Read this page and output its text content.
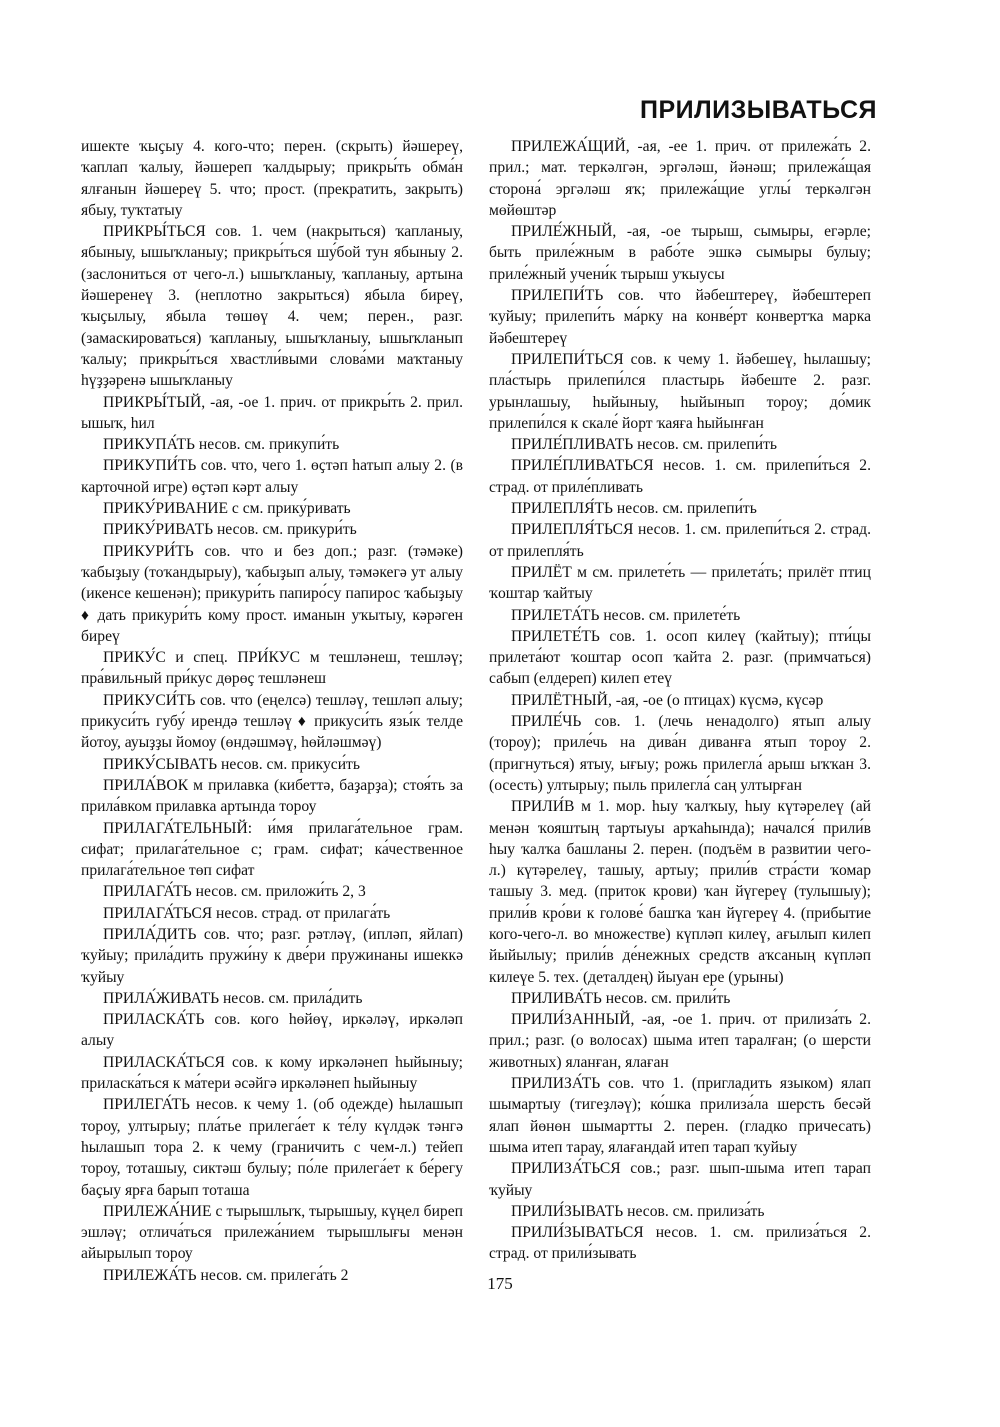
ПРИЛИЗЫВАТЬСЯ

ишекте ҡыҫыу 4. кого-что; перен. (скрыть) йәшереү, ҡаплап ҡалыу, йәшереп ҡалдырыу; прикры́ть обма́н ялғанын йәшереү 5. что; прост. (прекратить, закрыть) ябыу, туҡтатыу

ПРИКРЫ́ТЬСЯ сов. 1. чем (накрыться) ҡапланыу, ябыныу, ышыҡланыу; прикры́ться шу́бой тун ябыныу 2. (заслониться от чего-л.) ышыҡланыу, ҡапланыу, артына йәшеренеү 3. (неплотно закрыться) ябыла биреү, ҡыҫылыу, ябыла төшөү 4. чем; перен., разг. (замаскироваться) ҡапланыу, ышыҡланыу, ышыҡланып ҡалыу; прикры́ться хвастли́выми слова́ми маҡтаныу һүҙҙәренә ышыҡланыу

ПРИКРЫ́ТЫЙ, -ая, -ое 1. прич. от прикры́ть 2. прил. ышыҡ, һил

ПРИКУПА́ТЬ несов. см. прикупи́ть

ПРИКУПИ́ТЬ сов. что, чего 1. өҫтәп һатып алыу 2. (в карточной игре) өҫтәп кәрт алыу

ПРИКУ́РИВАНИЕ с см. прику́ривать

ПРИКУ́РИВАТЬ несов. см. прикури́ть

ПРИКУРИ́ТЬ сов. что и без доп.; разг. (тәмәке) ҡабыҙыу (тоҡандырыу), ҡабыҙып алыу, тәмәкегә ут алыу (икенсе кешенән); прикури́ть папиро́су папирос ҡабыҙыу ♦ дать прикури́ть кому прост. иманын уҡытыу, кәрәген биреү

ПРИКУ́С и спец. ПРИ́КУС м тешләнеш, тешләү; пра́вильный при́кус дөрөҫ тешләнеш

ПРИКУСИ́ТЬ сов. что (еңелсә) тешләү, тешләп алыу; прикуси́ть губу́ ирендә тешләү ♦ прикуси́ть язы́к телде йотоу, ауыҙҙы йомоу (өндәшмәү, һөйләшмәү)

ПРИКУ́СЫВАТЬ несов. см. прикуси́ть

ПРИЛА́ВОК м прилавка (кибеттә, баҙарҙа); стоя́ть за прила́вком прилавка артында тороу

ПРИЛАГА́ТЕЛЬНЫЙ: и́мя прилага́тельное грам. сифат; прилага́тельное с; грам. сифат; ка́чественное прилага́тельное төп сифат

ПРИЛАГА́ТЬ несов. см. приложи́ть 2, 3

ПРИЛАГА́ТЬСЯ несов. страд. от прилага́ть

ПРИЛА́ДИТЬ сов. что; разг. рәтләү, (ипләп, яйлап) ҡуйыу; прила́дить пружи́ну к две́ри пружинаны ишеккә ҡуйыу

ПРИЛА́ЖИВАТЬ несов. см. прила́дить

ПРИЛАСКА́ТЬ сов. кого һөйөү, иркәләү, иркәләп алыу

ПРИЛАСКА́ТЬСЯ сов. к кому иркәләнеп һыйыныу; приласка́ться к ма́тери әсәйгә иркәләнеп һыйыныу

ПРИЛЕГА́ТЬ несов. к чему 1. (об одежде) һылашып тороу, ултырыу; пла́тье прилега́ет к те́лу күлдәк тәнгә һылашып тора 2. к чему (граничить с чем-л.) тейеп тороу, тоташыу, сиктәш булыу; по́ле прилега́ет к бе́регу баҫыу ярға барып тоташа

ПРИЛЕЖА́НИЕ с тырышлыҡ, тырышыу, күңел биреп эшләү; отлича́ться прилежа́нием тырышлығы менән айырылып тороу

ПРИЛЕЖА́ТЬ несов. см. прилега́ть 2

ПРИЛЕЖА́ЩИЙ, -ая, -ее 1. прич. от прилежа́ть 2. прил.; мат. теркәлгән, эргәләш, йәнәш; прилежа́щая сторона́ эргәләш яҡ; прилежа́щие углы́ теркәлгән мөйөштәр

ПРИЛЕ́ЖНЫЙ, -ая, -ое тырыш, сымыры, егәрле; быть приле́жным в рабо́те эшкә сымыры булыу; приле́жный учени́к тырыш уҡыусы

ПРИЛЕПИ́ТЬ сов. что йәбештереү, йәбештереп ҡуйыу; прилепи́ть ма́рку на конве́рт конвертҡа марка йәбештереү

ПРИЛЕПИ́ТЬСЯ сов. к чему 1. йәбешеү, һылашыу; пла́стырь прилепи́лся пластырь йәбеште 2. разг. урынлашыу, һыйыныу, һыйынып тороу; до́мик прилепи́лся к скале́ йорт ҡаяға һыйынған

ПРИЛЕ́ПЛИВАТЬ несов. см. прилепи́ть

ПРИЛЕ́ПЛИВАТЬСЯ несов. 1. см. прилепи́ться 2. страд. от приле́пливать

ПРИЛЕПЛЯ́ТЬ несов. см. прилепи́ть

ПРИЛЕПЛЯ́ТЬСЯ несов. 1. см. прилепи́ться 2. страд. от прилепля́ть

ПРИЛЁТ м см. прилете́ть — прилета́ть; прилёт птиц ҡоштар ҡайтыу

ПРИЛЕТА́ТЬ несов. см. прилете́ть

ПРИЛЕТЕ́ТЬ сов. 1. осоп килеү (ҡайтыу); пти́цы прилета́ют ҡоштар осоп ҡайта 2. разг. (примчаться) сабып (елдереп) килеп етеү

ПРИЛЁТНЫЙ, -ая, -ое (о птицах) күсмә, күсәр

ПРИЛЕ́ЧЬ сов. 1. (лечь ненадолго) ятып алыу (тороу); приле́чь на дива́н диванға ятып тороу 2. (пригнуться) ятыу, ығыу; рожь прилегла́ арыш ыҡҡан 3. (осесть) ултырыу; пыль прилегла́ саң ултырған

ПРИЛИ́В м 1. мор. һыу ҡалҡыу, һыу күтәрелеү (ай менән ҡояштың тартыуы арҡаһында); начался́ прили́в һыу ҡалҡа башланы 2. перен. (подъём в развитии чего-л.) күтәрелеү, ташыу, артыу; прили́в стра́сти ҡомар ташыу 3. мед. (приток крови) ҡан йүгереү (тулышыу); прили́в кро́ви к голове́ башҡа ҡан йүгереү 4. (прибытие кого-чего-л. во множестве) күпләп килеү, ағылып килеп йыйылыу; прили́в де́нежных средств аҡсаның күпләп килеүе 5. тех. (деталдең) йыуан ере (урыны)

ПРИЛИВА́ТЬ несов. см. прили́ть

ПРИЛИ́ЗАННЫЙ, -ая, -ое 1. прич. от прилиза́ть 2. прил.; разг. (о волосах) шыма итеп таралған; (о шерсти животных) яланған, ялаған

ПРИЛИЗА́ТЬ сов. что 1. (пригладить языком) ялап шымартыу (тигеҙләү); ко́шка прилиза́ла шерсть бесәй ялап йөнөн шымартты 2. перен. (гладко причесать) шыма итеп тарау, ялағандай итеп тарап ҡуйыу

ПРИЛИЗА́ТЬСЯ сов.; разг. шып-шыма итеп тарап ҡуйыу

ПРИЛИ́ЗЫВАТЬ несов. см. прилиза́ть

ПРИЛИ́ЗЫВАТЬСЯ несов. 1. см. прилиза́ться 2. страд. от прили́зывать

175
